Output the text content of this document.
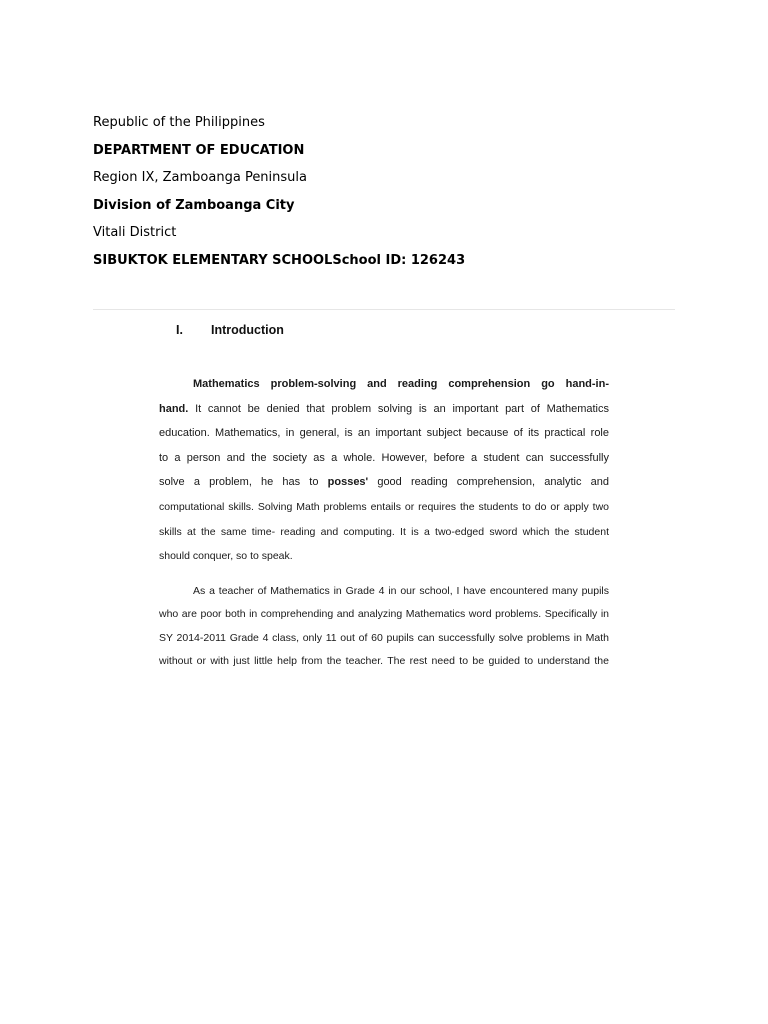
Republic of the Philippines
DEPARTMENT OF EDUCATION
Region IX, Zamboanga Peninsula
Division of Zamboanga City
Vitali District
SIBUKTOK ELEMENTARY SCHOOLSchool ID: 126243
I. Introduction
Mathematics problem-solving and reading comprehension go hand-in-
hand. It cannot be denied that problem solving is an important part of Mathematics
education. Mathematics, in general, is an important subject because of its practical role
to a person and the society as a whole. However, before a student can successfully
solve a problem, he has to posses' good reading comprehension, analytic and
computational skills. Solving Math problems entails or requires the students to do or apply two
skills at the same time- reading and computing. It is a two-edged sword which the student
should conquer, so to speak.
As a teacher of Mathematics in Grade 4 in our school, I have encountered many pupils
who are poor both in comprehending and analyzing Mathematics word problems. Specifically in
SY 2014-2011 Grade 4 class, only 11 out of 60 pupils can successfully solve problems in Math
without or with just little help from the teacher. The rest need to be guided to understand the
